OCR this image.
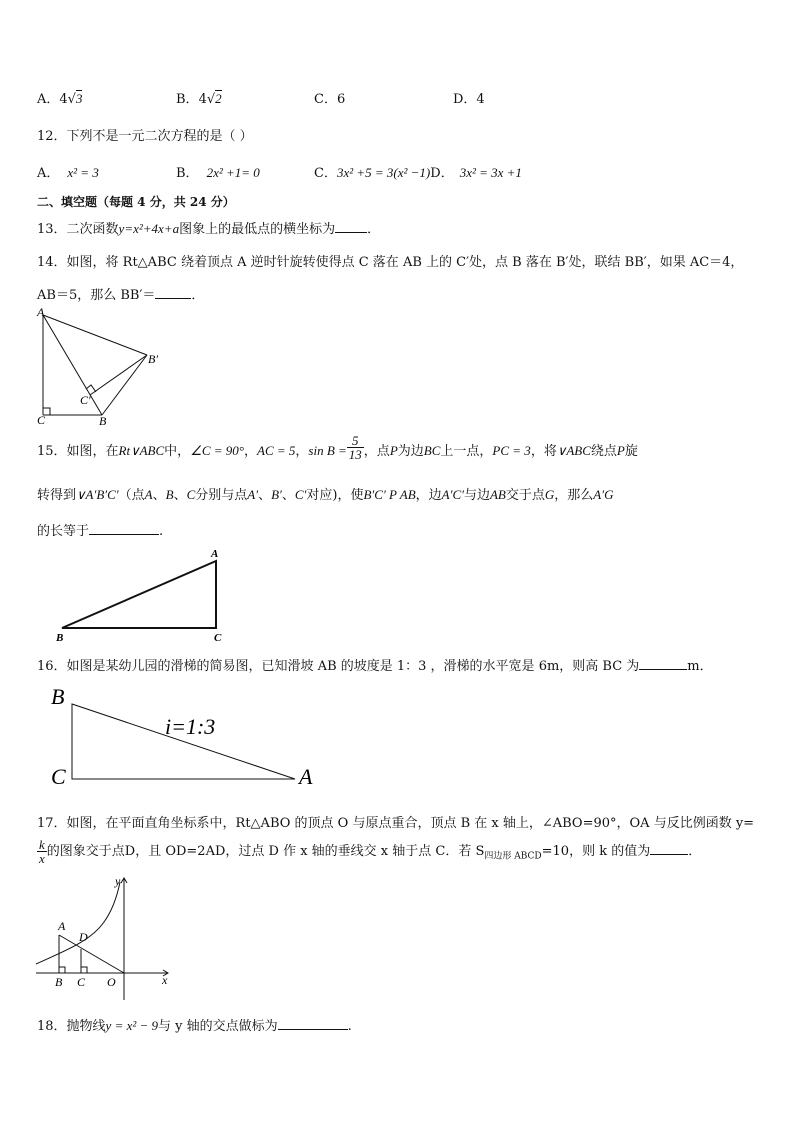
A．4√3	B．4√2	C．6	D．4
12．下列不是一元二次方程的是（ ）
A． x² = 3	B． 2x² +1= 0	C．3x² +5 = 3(x² −1)D． 3x² = 3x +1
二、填空题（每题 4 分，共 24 分）
13．二次函数y=x²+4x+a图象上的最低点的横坐标为 ．
14．如图，将 Rt△ABC 绕着顶点 A 逆时针旋转使得点 C 落在 AB 上的 C′处，点 B 落在 B′处，联结 BB′，如果 AC＝4，
AB＝5，那么 BB′＝	．
A
C	B
C′
B′
15．如图，在Rt∨ABC中，∠C = 90°，AC = 5，$\sin B = \frac{5}{13}$ ，点P为边BC上一点，PC = 3，将∨ABC绕点P旋
转得到∨A′B′C′（点A、B、C分别与点A′、B′、C′对应)，使B′C′ P AB，边A′C′与边AB交于点G，那么A′G
的长等于	.
A
B	C
16．如图是某幼儿园的滑梯的简易图，已知滑坡 AB 的坡度是 1：3 ，滑梯的水平宽是 6m，则高 BC 为	m．
B
C	A
i=1:3
17．如图，在平面直角坐标系中，Rt△ABO 的顶点 O 与原点重合，顶点 B 在 x 轴上，∠ABO=90°，OA 与反比例函数 y=
$\frac{k}{x}$ 的图象交于点D，且 OD=2AD，过点 D 作 x 轴的垂线交 x 轴于点 C．若 $S_{四边形 ABCD}=10$，则 k 的值为	．
y
x
A
D
B C O
18．抛物线y = x² − 9与 y 轴的交点做标为	.
